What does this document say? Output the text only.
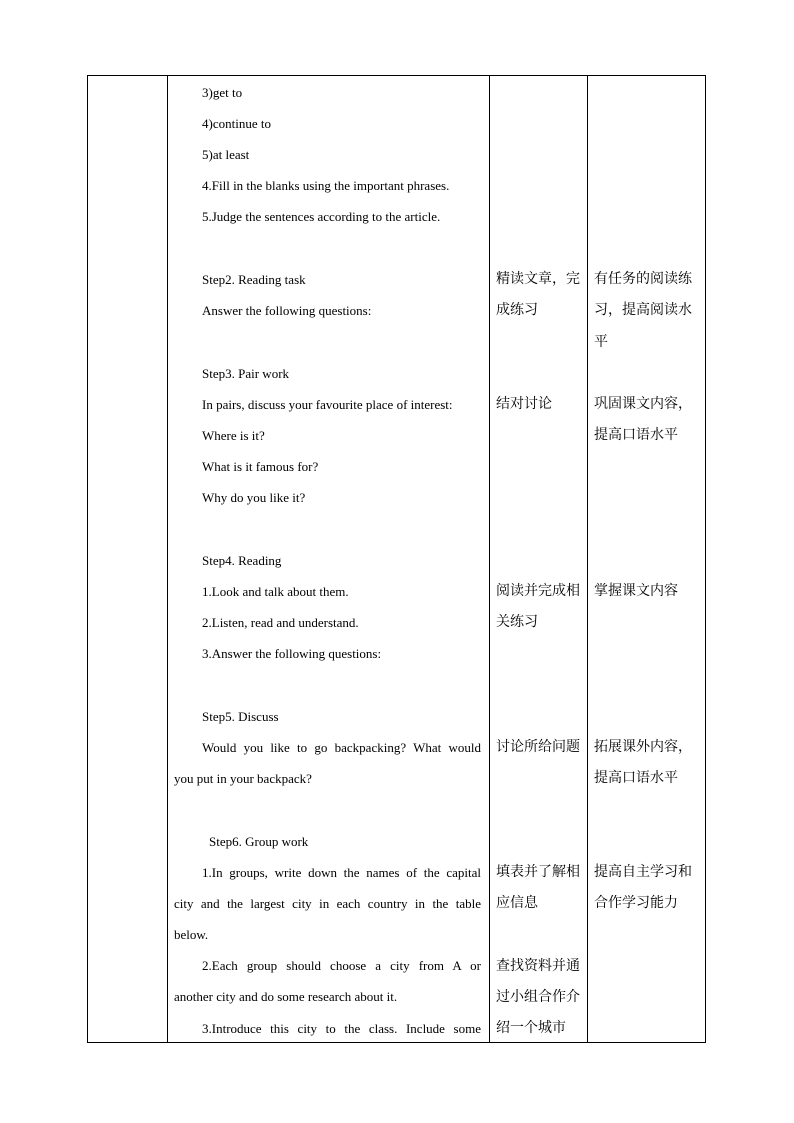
3)get to
4)continue to
5)at least
4.Fill in the blanks using the important phrases.
5.Judge the sentences according to the article.
Step2. Reading task
Answer the following questions:
Step3. Pair work
In pairs, discuss your favourite place of interest:
Where is it?
What is it famous for?
Why do you like it?
Step4. Reading
1.Look and talk about them.
2.Listen, read and understand.
3.Answer the following questions:
Step5. Discuss
Would you like to go backpacking? What would
you put in your backpack?
Step6. Group work
1.In groups, write down the names of the capital
city and the largest city in each country in the table
below.
2.Each group should choose a city from A or
another city and do some research about it.
3.Introduce this city to the class. Include some
精读文章，完
成练习
结对讨论
阅读并完成相
关练习
讨论所给问题
填表并了解相
应信息
查找资料并通
过小组合作介
绍一个城市
有任务的阅读练
习，提高阅读水
平
巩固课文内容，
提高口语水平
掌握课文内容
拓展课外内容，
提高口语水平
提高自主学习和
合作学习能力
